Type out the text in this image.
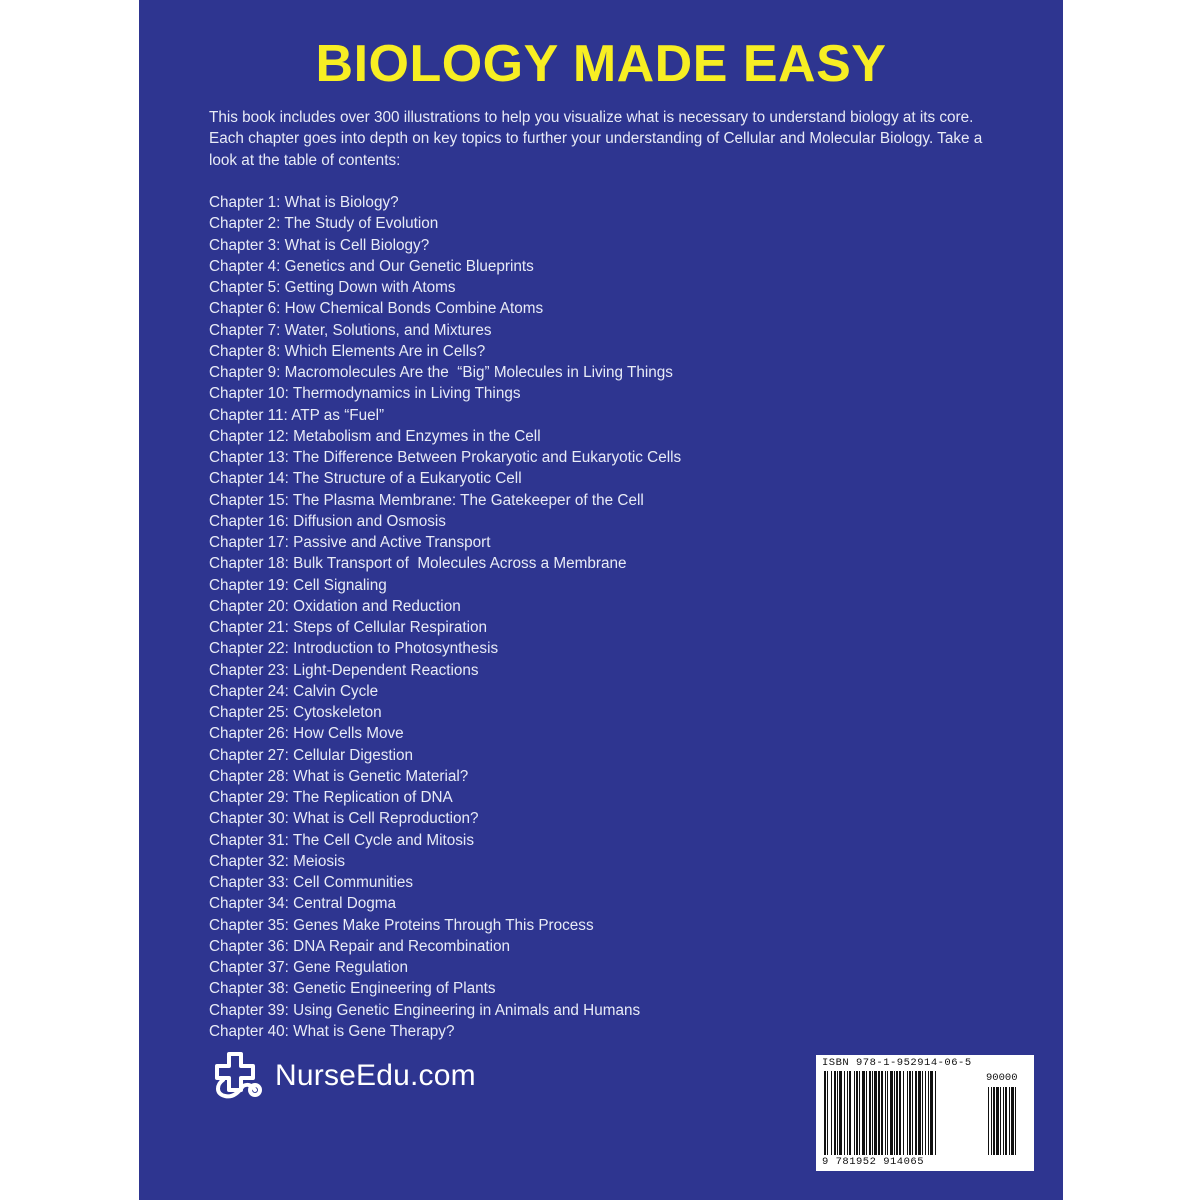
BIOLOGY MADE EASY
This book includes over 300 illustrations to help you visualize what is necessary to understand biology at its core. Each chapter goes into depth on key topics to further your understanding of Cellular and Molecular Biology. Take a look at the table of contents:
Chapter 1: What is Biology?
Chapter 2: The Study of Evolution
Chapter 3: What is Cell Biology?
Chapter 4: Genetics and Our Genetic Blueprints
Chapter 5: Getting Down with Atoms
Chapter 6: How Chemical Bonds Combine Atoms
Chapter 7: Water, Solutions, and Mixtures
Chapter 8: Which Elements Are in Cells?
Chapter 9: Macromolecules Are the  “Big” Molecules in Living Things
Chapter 10: Thermodynamics in Living Things
Chapter 11: ATP as “Fuel”
Chapter 12: Metabolism and Enzymes in the Cell
Chapter 13: The Difference Between Prokaryotic and Eukaryotic Cells
Chapter 14: The Structure of a Eukaryotic Cell
Chapter 15: The Plasma Membrane: The Gatekeeper of the Cell
Chapter 16: Diffusion and Osmosis
Chapter 17: Passive and Active Transport
Chapter 18: Bulk Transport of  Molecules Across a Membrane
Chapter 19: Cell Signaling
Chapter 20: Oxidation and Reduction
Chapter 21: Steps of Cellular Respiration
Chapter 22: Introduction to Photosynthesis
Chapter 23: Light-Dependent Reactions
Chapter 24: Calvin Cycle
Chapter 25: Cytoskeleton
Chapter 26: How Cells Move
Chapter 27: Cellular Digestion
Chapter 28: What is Genetic Material?
Chapter 29: The Replication of DNA
Chapter 30: What is Cell Reproduction?
Chapter 31: The Cell Cycle and Mitosis
Chapter 32: Meiosis
Chapter 33: Cell Communities
Chapter 34: Central Dogma
Chapter 35: Genes Make Proteins Through This Process
Chapter 36: DNA Repair and Recombination
Chapter 37: Gene Regulation
Chapter 38: Genetic Engineering of Plants
Chapter 39: Using Genetic Engineering in Animals and Humans
Chapter 40: What is Gene Therapy?
NurseEdu.com	ISBN 978-1-952914-06-5
90000
9 781952 914065
